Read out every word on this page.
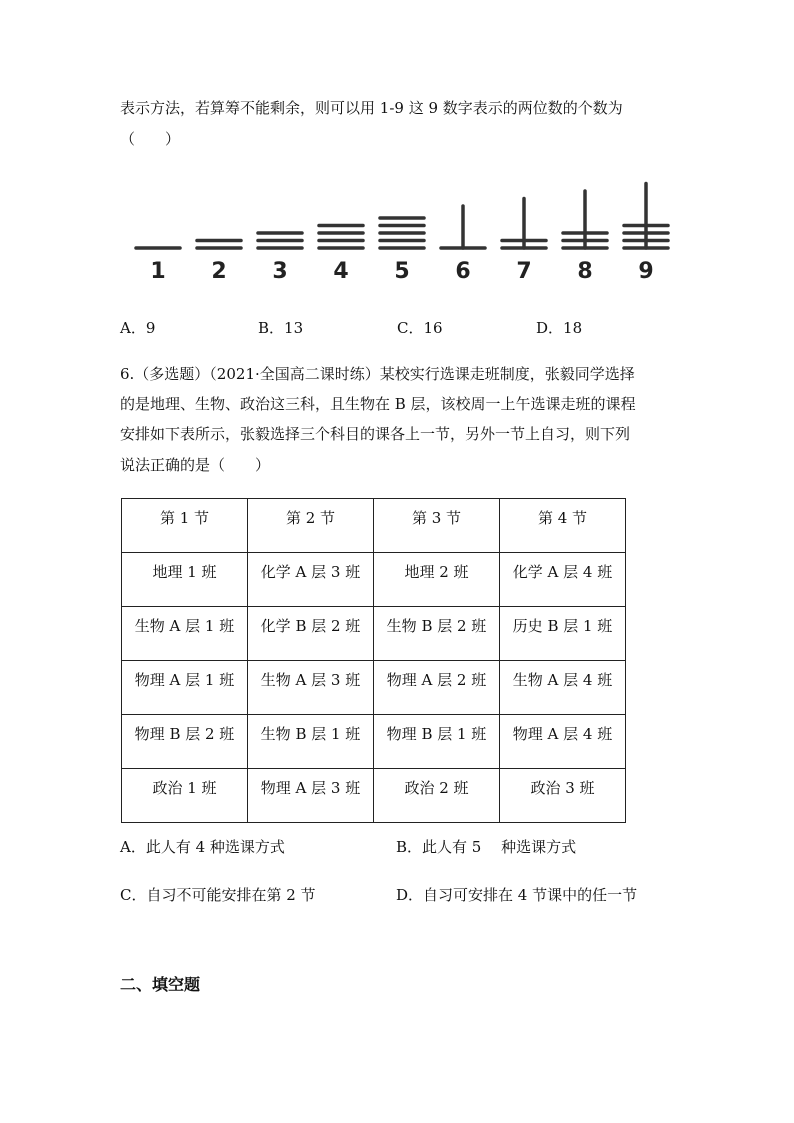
表示方法，若算筹不能剩余，则可以用 1-9 这 9 数字表示的两位数的个数为
（　　）
1 2 3 4 5 6 7 8 9
A．9	B．13	C．16	D．18
6.（多选题）（2021·全国高二课时练）某校实行选课走班制度，张毅同学选择
的是地理、生物、政治这三科，且生物在 B 层，该校周一上午选课走班的课程
安排如下表所示，张毅选择三个科目的课各上一节，另外一节上自习，则下列
说法正确的是（　　）
第 1 节	第 2 节	第 3 节	第 4 节
地理 1 班	化学 A 层 3 班	地理 2 班	化学 A 层 4 班
生物 A 层 1 班	化学 B 层 2 班	生物 B 层 2 班	历史 B 层 1 班
物理 A 层 1 班	生物 A 层 3 班	物理 A 层 2 班	生物 A 层 4 班
物理 B 层 2 班	生物 B 层 1 班	物理 B 层 1 班	物理 A 层 4 班
政治 1 班	物理 A 层 3 班	政治 2 班	政治 3 班
A．此人有 4 种选课方式	B．此人有 5　 种选课方式
C．自习不可能安排在第 2 节	D．自习可安排在 4 节课中的任一节
二、填空题
